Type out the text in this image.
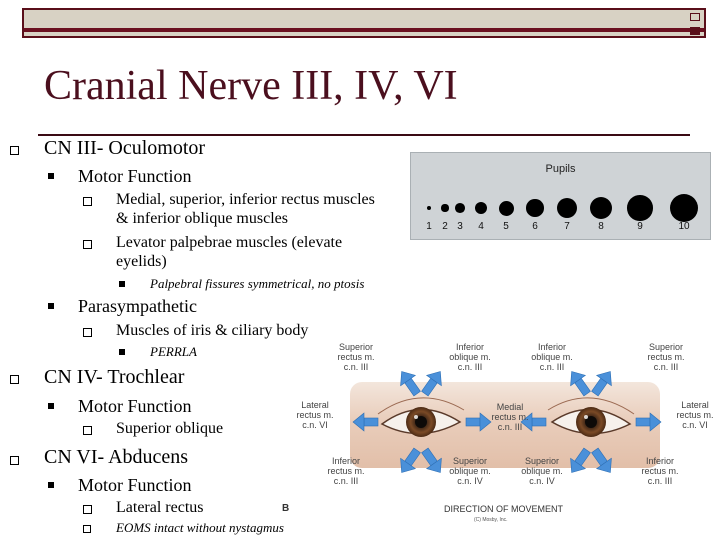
Cranial Nerve III, IV, VI
CN III- Oculomotor
Motor Function
Medial, superior, inferior rectus muscles
& inferior oblique muscles
Levator palpebrae muscles (elevate
eyelids)
Palpebral fissures symmetrical, no ptosis
Parasympathetic
Muscles of iris & ciliary body
PERRLA
CN IV- Trochlear
Motor Function
Superior oblique
CN VI- Abducens
Motor Function
Lateral rectus
EOMS intact without nystagmus
Pupils
1 2 3 4 5 6	7	8	9	10
Superior
rectus m.
c.n. III
Inferior
oblique m.
c.n. III
Inferior
oblique m.
c.n. III
Superior
rectus m.
c.n. III
Lateral
rectus m.
c.n. VI
Medial
rectus m.
c.n. III
Lateral
rectus m.
c.n. VI
Inferior
rectus m.
c.n. III
Superior
oblique m.
c.n. IV
Superior
oblique m.
c.n. IV
Inferior
rectus m.
c.n. III
B	DIRECTION OF MOVEMENT
(C) Mosby, Inc.
